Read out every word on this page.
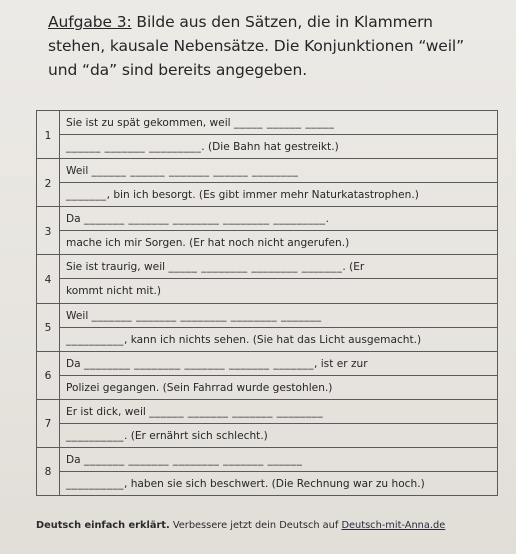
Aufgabe 3: Bilde aus den Sätzen, die in Klammern stehen, kausale Nebensätze. Die Konjunktionen “weil” und “da” sind bereits angegeben.
1	Sie ist zu spät gekommen, weil _____ ______ _____
	______ _______ _________. (Die Bahn hat gestreikt.)
2	Weil ______ ______ _______ ______ ________
	_______, bin ich besorgt. (Es gibt immer mehr Naturkatastrophen.)
3	Da _______ _______ ________ ________ _________.
	mache ich mir Sorgen. (Er hat noch nicht angerufen.)
4	Sie ist traurig, weil _____ ________ ________ _______. (Er
	kommt nicht mit.)
5	Weil _______ _______ ________ ________ _______
	__________, kann ich nichts sehen. (Sie hat das Licht ausgemacht.)
6	Da ________ ________ _______ _______ _______, ist er zur
	Polizei gegangen. (Sein Fahrrad wurde gestohlen.)
7	Er ist dick, weil ______ _______ _______ ________
	__________. (Er ernährt sich schlecht.)
8	Da _______ _______ ________ _______ ______
	__________, haben sie sich beschwert. (Die Rechnung war zu hoch.)
Deutsch einfach erklärt. Verbessere jetzt dein Deutsch auf Deutsch-mit-Anna.de
